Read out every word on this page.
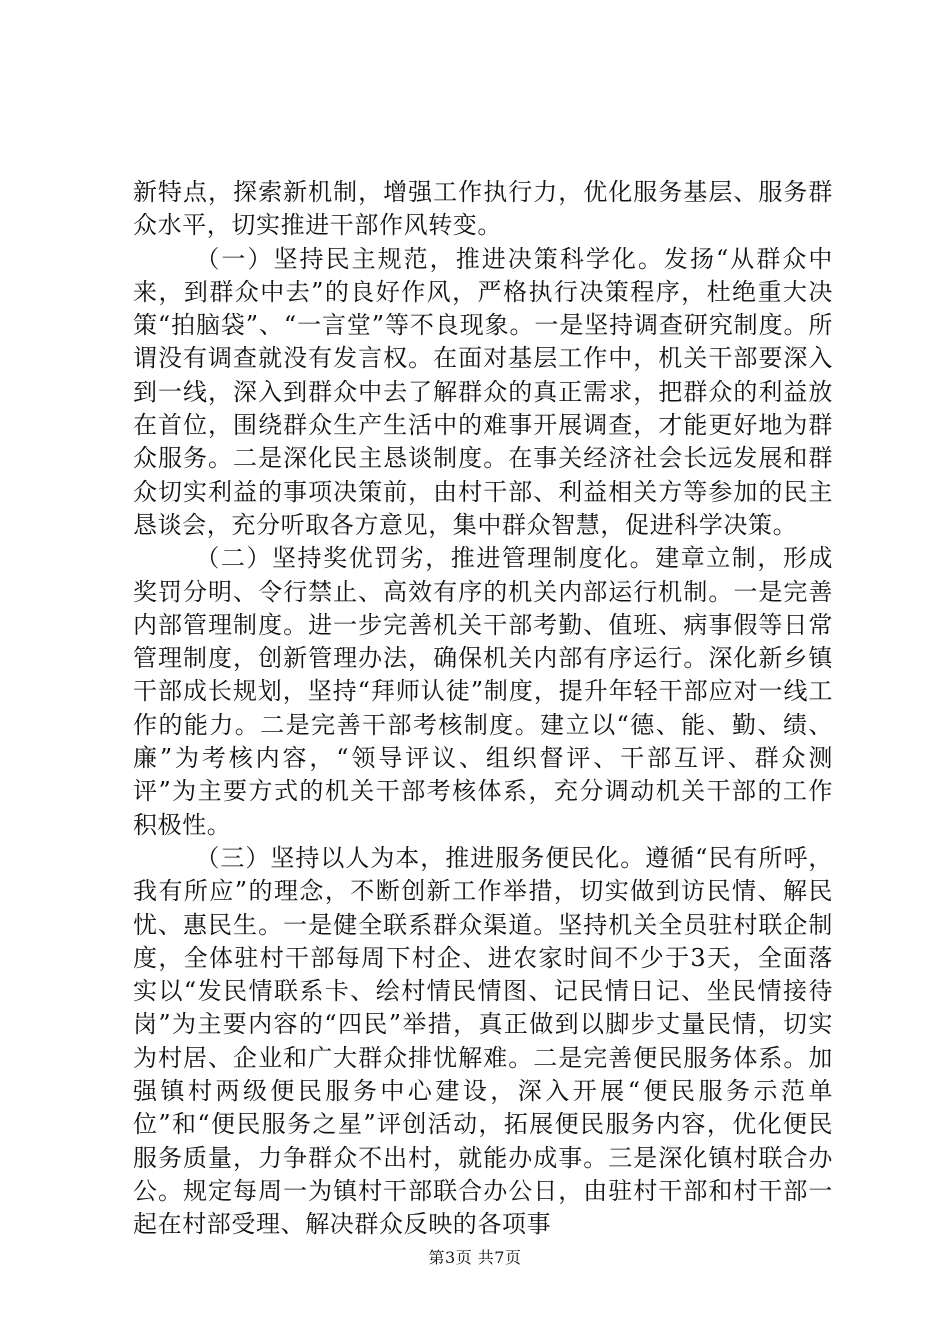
新特点，探索新机制，增强工作执行力，优化服务基层、服务群众水平，切实推进干部作风转变。

（一）坚持民主规范，推进决策科学化。发扬“从群众中来，到群众中去”的良好作风，严格执行决策程序，杜绝重大决策“拍脑袋”、“一言堂”等不良现象。一是坚持调查研究制度。所谓没有调查就没有发言权。在面对基层工作中，机关干部要深入到一线，深入到群众中去了解群众的真正需求，把群众的利益放在首位，围绕群众生产生活中的难事开展调查，才能更好地为群众服务。二是深化民主恳谈制度。在事关经济社会长远发展和群众切实利益的事项决策前，由村干部、利益相关方等参加的民主恳谈会，充分听取各方意见，集中群众智慧，促进科学决策。

（二）坚持奖优罚劣，推进管理制度化。建章立制，形成奖罚分明、令行禁止、高效有序的机关内部运行机制。一是完善内部管理制度。进一步完善机关干部考勤、值班、病事假等日常管理制度，创新管理办法，确保机关内部有序运行。深化新乡镇干部成长规划，坚持“拜师认徒”制度，提升年轻干部应对一线工作的能力。二是完善干部考核制度。建立以“德、能、勤、绩、廉”为考核内容，“领导评议、组织督评、干部互评、群众测评”为主要方式的机关干部考核体系，充分调动机关干部的工作积极性。

（三）坚持以人为本，推进服务便民化。遵循“民有所呼，我有所应”的理念，不断创新工作举措，切实做到访民情、解民忧、惠民生。一是健全联系群众渠道。坚持机关全员驻村联企制度，全体驻村干部每周下村企、进农家时间不少于3天，全面落实以“发民情联系卡、绘村情民情图、记民情日记、坐民情接待岗”为主要内容的“四民”举措，真正做到以脚步丈量民情，切实为村居、企业和广大群众排忧解难。二是完善便民服务体系。加强镇村两级便民服务中心建设，深入开展“便民服务示范单位”和“便民服务之星”评创活动，拓展便民服务内容，优化便民服务质量，力争群众不出村，就能办成事。三是深化镇村联合办公。规定每周一为镇村干部联合办公日，由驻村干部和村干部一起在村部受理、解决群众反映的各项事

第3页 共7页
